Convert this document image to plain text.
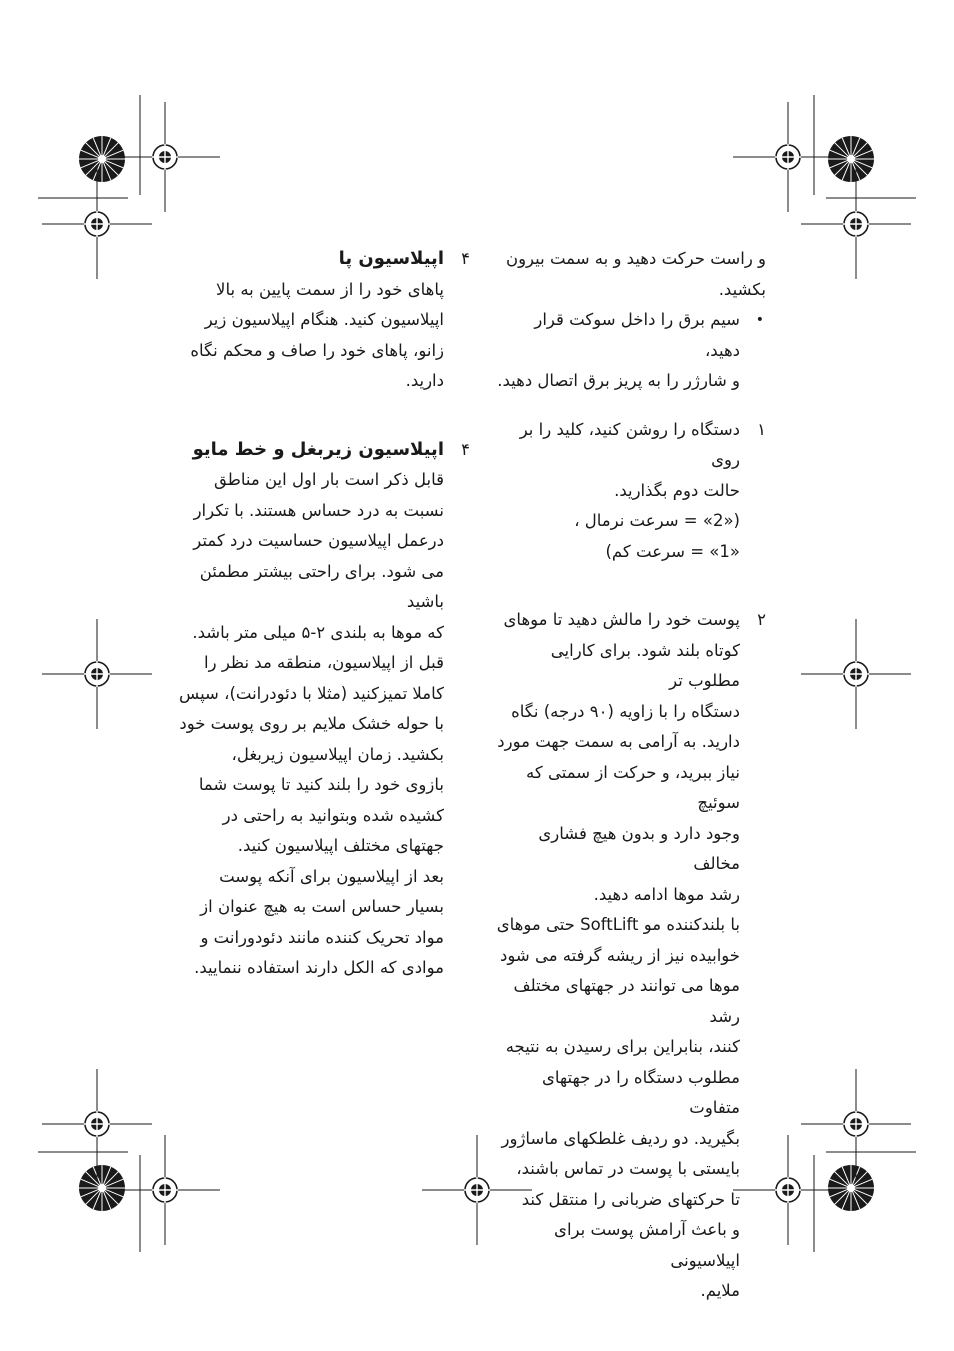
و راست حرکت دهید و به سمت بیرون

بکشید.

•

سیم برق را داخل سوکت قرار دهید،

و شارژر را به پریز برق اتصال دهید.

۱

دستگاه را روشن کنید، کلید را بر روی

حالت دوم بگذارید.

(«2» = سرعت نرمال ،

«1» = سرعت کم)

۲

پوست خود را مالش دهید تا موهای

کوتاه بلند شود. برای کارایی مطلوب تر

دستگاه را با زاویه (۹۰ درجه) نگاه

دارید. به آرامی به سمت جهت مورد

نیاز ببرید، و حرکت از سمتی که سوئیچ

وجود دارد و بدون هیچ فشاری مخالف

رشد موها ادامه دهید.

با بلندکننده مو SoftLift حتی موهای

خوابیده نیز از ریشه گرفته می شود

موها می توانند در جهتهای مختلف رشد

کنند، بنابراین برای رسیدن به نتیجه

مطلوب دستگاه را در جهتهای متفاوت

بگیرید. دو ردیف غلطکهای ماساژور

بایستی با پوست در تماس باشند،

تا حرکتهای ضربانی را منتقل کند

و باعث آرامش پوست برای اپیلاسیونی

ملایم.

۴

اپیلاسیون پا

پاهای خود را از سمت پایین به بالا

اپیلاسیون کنید. هنگام اپیلاسیون زیر

زانو، پاهای خود را صاف و محکم نگاه

دارید.

۴

اپیلاسیون زیربغل و خط مایو

قابل ذکر است بار اول این مناطق

نسبت به درد حساس هستند. با تکرار

درعمل اپیلاسیون حساسیت درد کمتر

می شود. برای راحتی بیشتر مطمئن باشید

که موها به بلندی ۲-۵ میلی متر باشد.

قبل از اپیلاسیون، منطقه مد نظر را

کاملا تمیزکنید (مثلا با دئودرانت)، سپس

با حوله خشک ملایم بر روی پوست خود

بکشید. زمان اپیلاسیون زیربغل،

بازوی خود را بلند کنید تا پوست شما

کشیده شده وبتوانید به راحتی در

جهتهای مختلف اپیلاسیون کنید.

بعد از اپیلاسیون برای آنکه پوست

بسیار حساس است به هیچ عنوان از

مواد تحریک کننده مانند دئودورانت و

موادی که الکل دارند استفاده ننمایید.
